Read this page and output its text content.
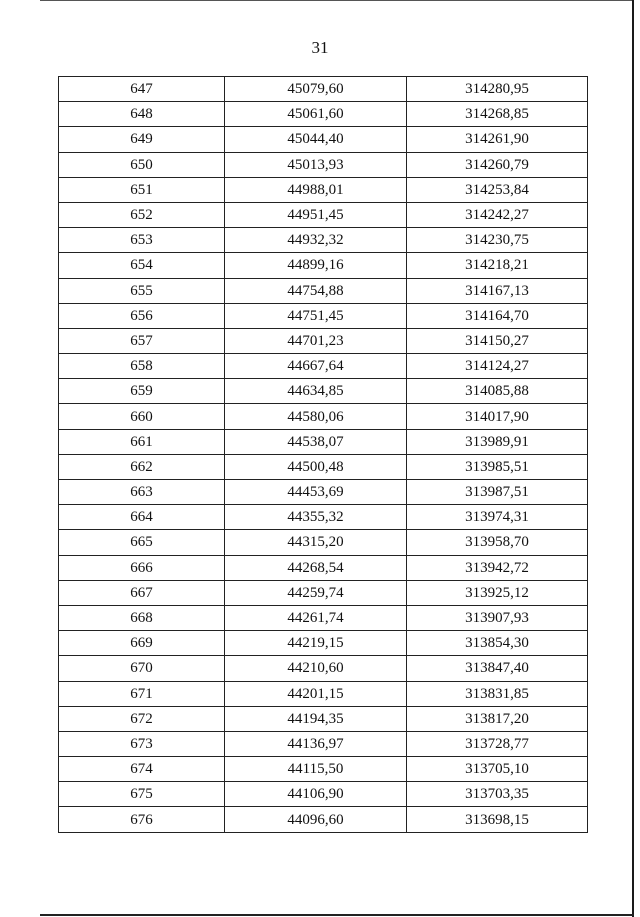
31
647	45079,60	314280,95
648	45061,60	314268,85
649	45044,40	314261,90
650	45013,93	314260,79
651	44988,01	314253,84
652	44951,45	314242,27
653	44932,32	314230,75
654	44899,16	314218,21
655	44754,88	314167,13
656	44751,45	314164,70
657	44701,23	314150,27
658	44667,64	314124,27
659	44634,85	314085,88
660	44580,06	314017,90
661	44538,07	313989,91
662	44500,48	313985,51
663	44453,69	313987,51
664	44355,32	313974,31
665	44315,20	313958,70
666	44268,54	313942,72
667	44259,74	313925,12
668	44261,74	313907,93
669	44219,15	313854,30
670	44210,60	313847,40
671	44201,15	313831,85
672	44194,35	313817,20
673	44136,97	313728,77
674	44115,50	313705,10
675	44106,90	313703,35
676	44096,60	313698,15
